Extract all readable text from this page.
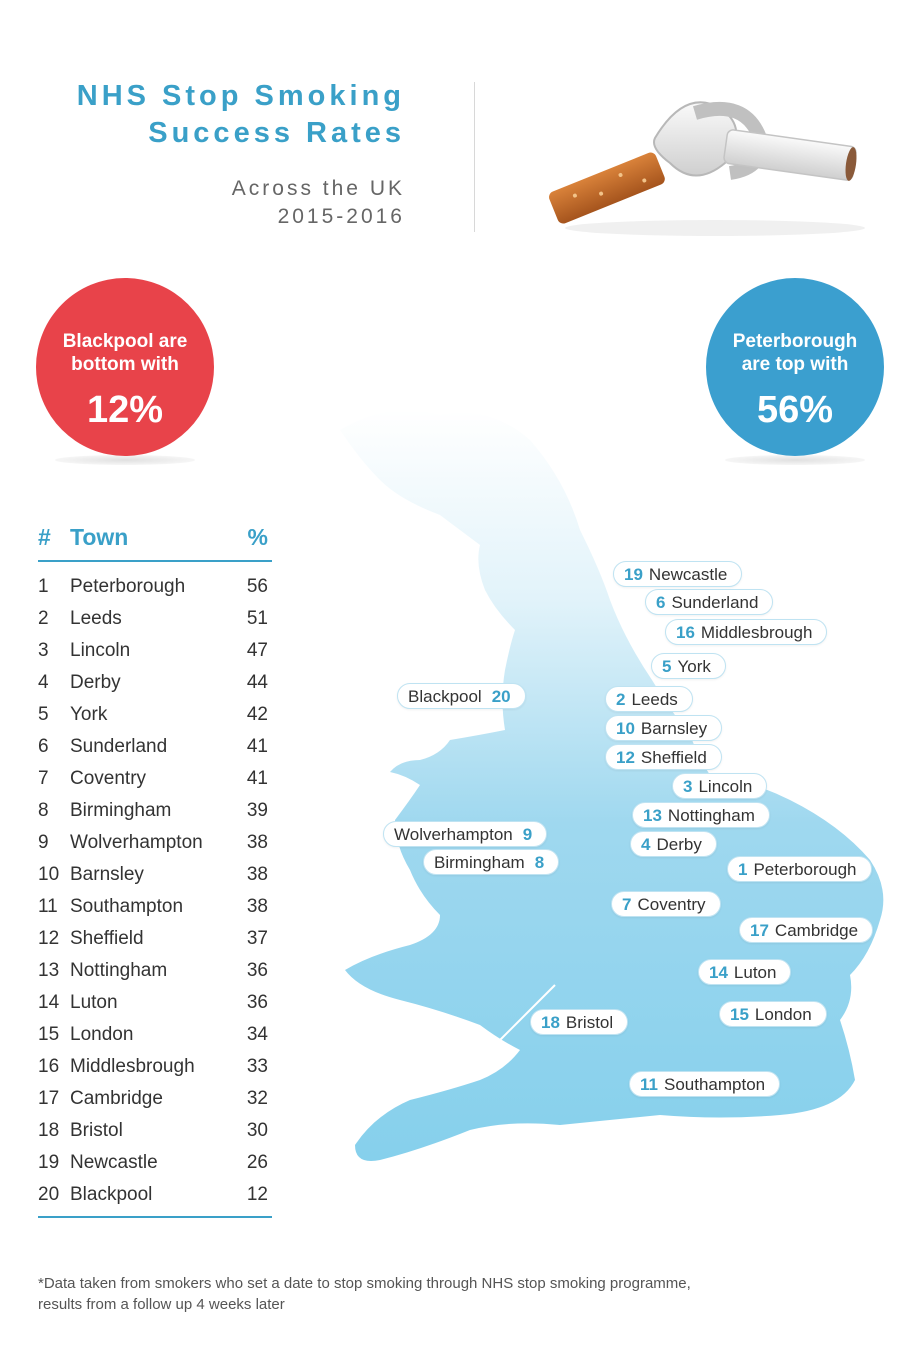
NHS Stop Smoking
Success Rates
Across the UK
2015-2016
Blackpool are
bottom with
12%
Peterborough
are top with
56%
19 Newcastle
6 Sunderland
16 Middlesbrough
5 York
Blackpool 20	2 Leeds
10 Barnsley
12 Sheffield
3 Lincoln
13 Nottingham
Wolverhampton 9
4 Derby
Birmingham 8	1 Peterborough
7 Coventry
17 Cambridge
14 Luton
15 London
18 Bristol
11 Southampton
# Town	%
1 Peterborough	56
2 Leeds	51
3 Lincoln	47
4 Derby	44
5 York	42
6 Sunderland	41
7 Coventry	41
8 Birmingham	39
9 Wolverhampton 38
10 Barnsley	38
11 Southampton	38
12 Sheffield	37
13 Nottingham	36
14 Luton	36
15 London	34
16 Middlesbrough	33
17 Cambridge	32
18 Bristol	30
19 Newcastle	26
20 Blackpool	12
*Data taken from smokers who set a date to stop smoking through NHS stop smoking programme,
results from a follow up 4 weeks later
